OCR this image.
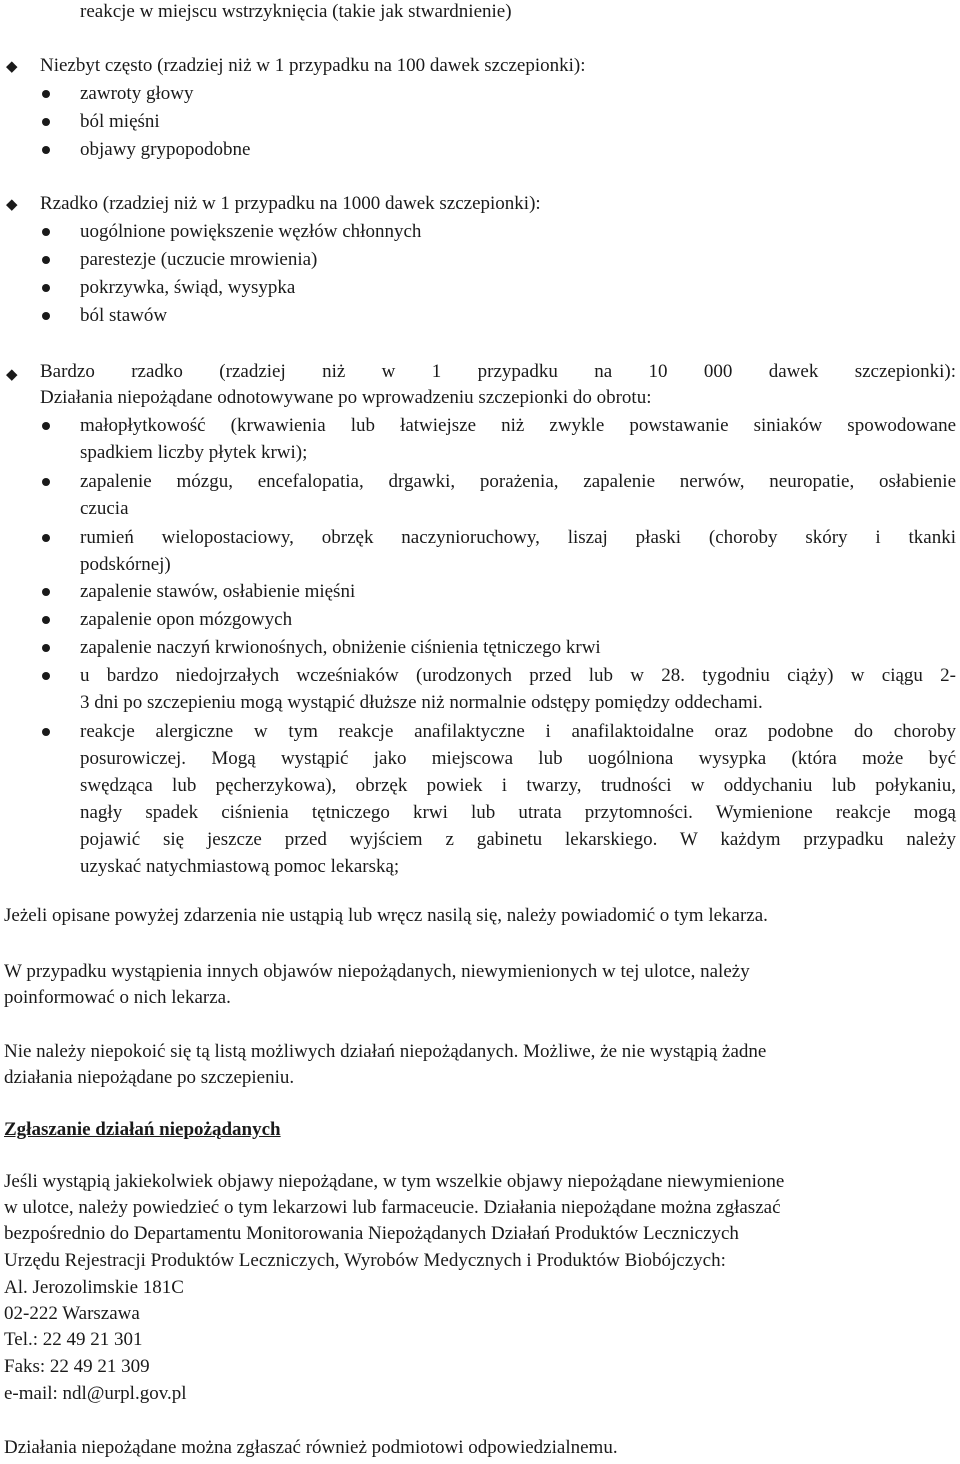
reakcje w miejscu wstrzyknięcia (takie jak stwardnienie)
◆ Niezbyt często (rzadziej niż w 1 przypadku na 100 dawek szczepionki):
zawroty głowy
ból mięśni
objawy grypopodobne
◆ Rzadko (rzadziej niż w 1 przypadku na 1000 dawek szczepionki):
uogólnione powiększenie węzłów chłonnych
parestezje (uczucie mrowienia)
pokrzywka, świąd, wysypka
ból stawów
◆ Bardzo rzadko (rzadziej niż w 1 przypadku na 10 000 dawek szczepionki):
Działania niepożądane odnotowywane po wprowadzeniu szczepionki do obrotu:
małopłytkowość (krwawienia lub łatwiejsze niż zwykle powstawanie siniaków spowodowane
spadkiem liczby płytek krwi);
zapalenie mózgu, encefalopatia, drgawki, porażenia, zapalenie nerwów, neuropatie, osłabienie
czucia
rumień wielopostaciowy, obrzęk naczynioruchowy, liszaj płaski (choroby skóry i tkanki
podskórnej)
zapalenie stawów, osłabienie mięśni
zapalenie opon mózgowych
zapalenie naczyń krwionośnych, obniżenie ciśnienia tętniczego krwi
u bardzo niedojrzałych wcześniaków (urodzonych przed lub w 28. tygodniu ciąży) w ciągu 2-
3 dni po szczepieniu mogą wystąpić dłuższe niż normalnie odstępy pomiędzy oddechami.
reakcje alergiczne w tym reakcje anafilaktyczne i anafilaktoidalne oraz podobne do choroby
posurowiczej. Mogą wystąpić jako miejscowa lub uogólniona wysypka (która może być
swędząca lub pęcherzykowa), obrzęk powiek i twarzy, trudności w oddychaniu lub połykaniu,
nagły spadek ciśnienia tętniczego krwi lub utrata przytomności. Wymienione reakcje mogą
pojawić się jeszcze przed wyjściem z gabinetu lekarskiego. W każdym przypadku należy
uzyskać natychmiastową pomoc lekarską;
Jeżeli opisane powyżej zdarzenia nie ustąpią lub wręcz nasilą się, należy powiadomić o tym lekarza.
W przypadku wystąpienia innych objawów niepożądanych, niewymienionych w tej ulotce, należy
poinformować o nich lekarza.
Nie należy niepokoić się tą listą możliwych działań niepożądanych. Możliwe, że nie wystąpią żadne
działania niepożądane po szczepieniu.
Zgłaszanie działań niepożądanych
Jeśli wystąpią jakiekolwiek objawy niepożądane, w tym wszelkie objawy niepożądane niewymienione
w ulotce, należy powiedzieć o tym lekarzowi lub farmaceucie. Działania niepożądane można zgłaszać
bezpośrednio do Departamentu Monitorowania Niepożądanych Działań Produktów Leczniczych
Urzędu Rejestracji Produktów Leczniczych, Wyrobów Medycznych i Produktów Biobójczych:
Al. Jerozolimskie 181C
02-222 Warszawa
Tel.: 22 49 21 301
Faks: 22 49 21 309
e-mail: ndl@urpl.gov.pl
Działania niepożądane można zgłaszać również podmiotowi odpowiedzialnemu.
